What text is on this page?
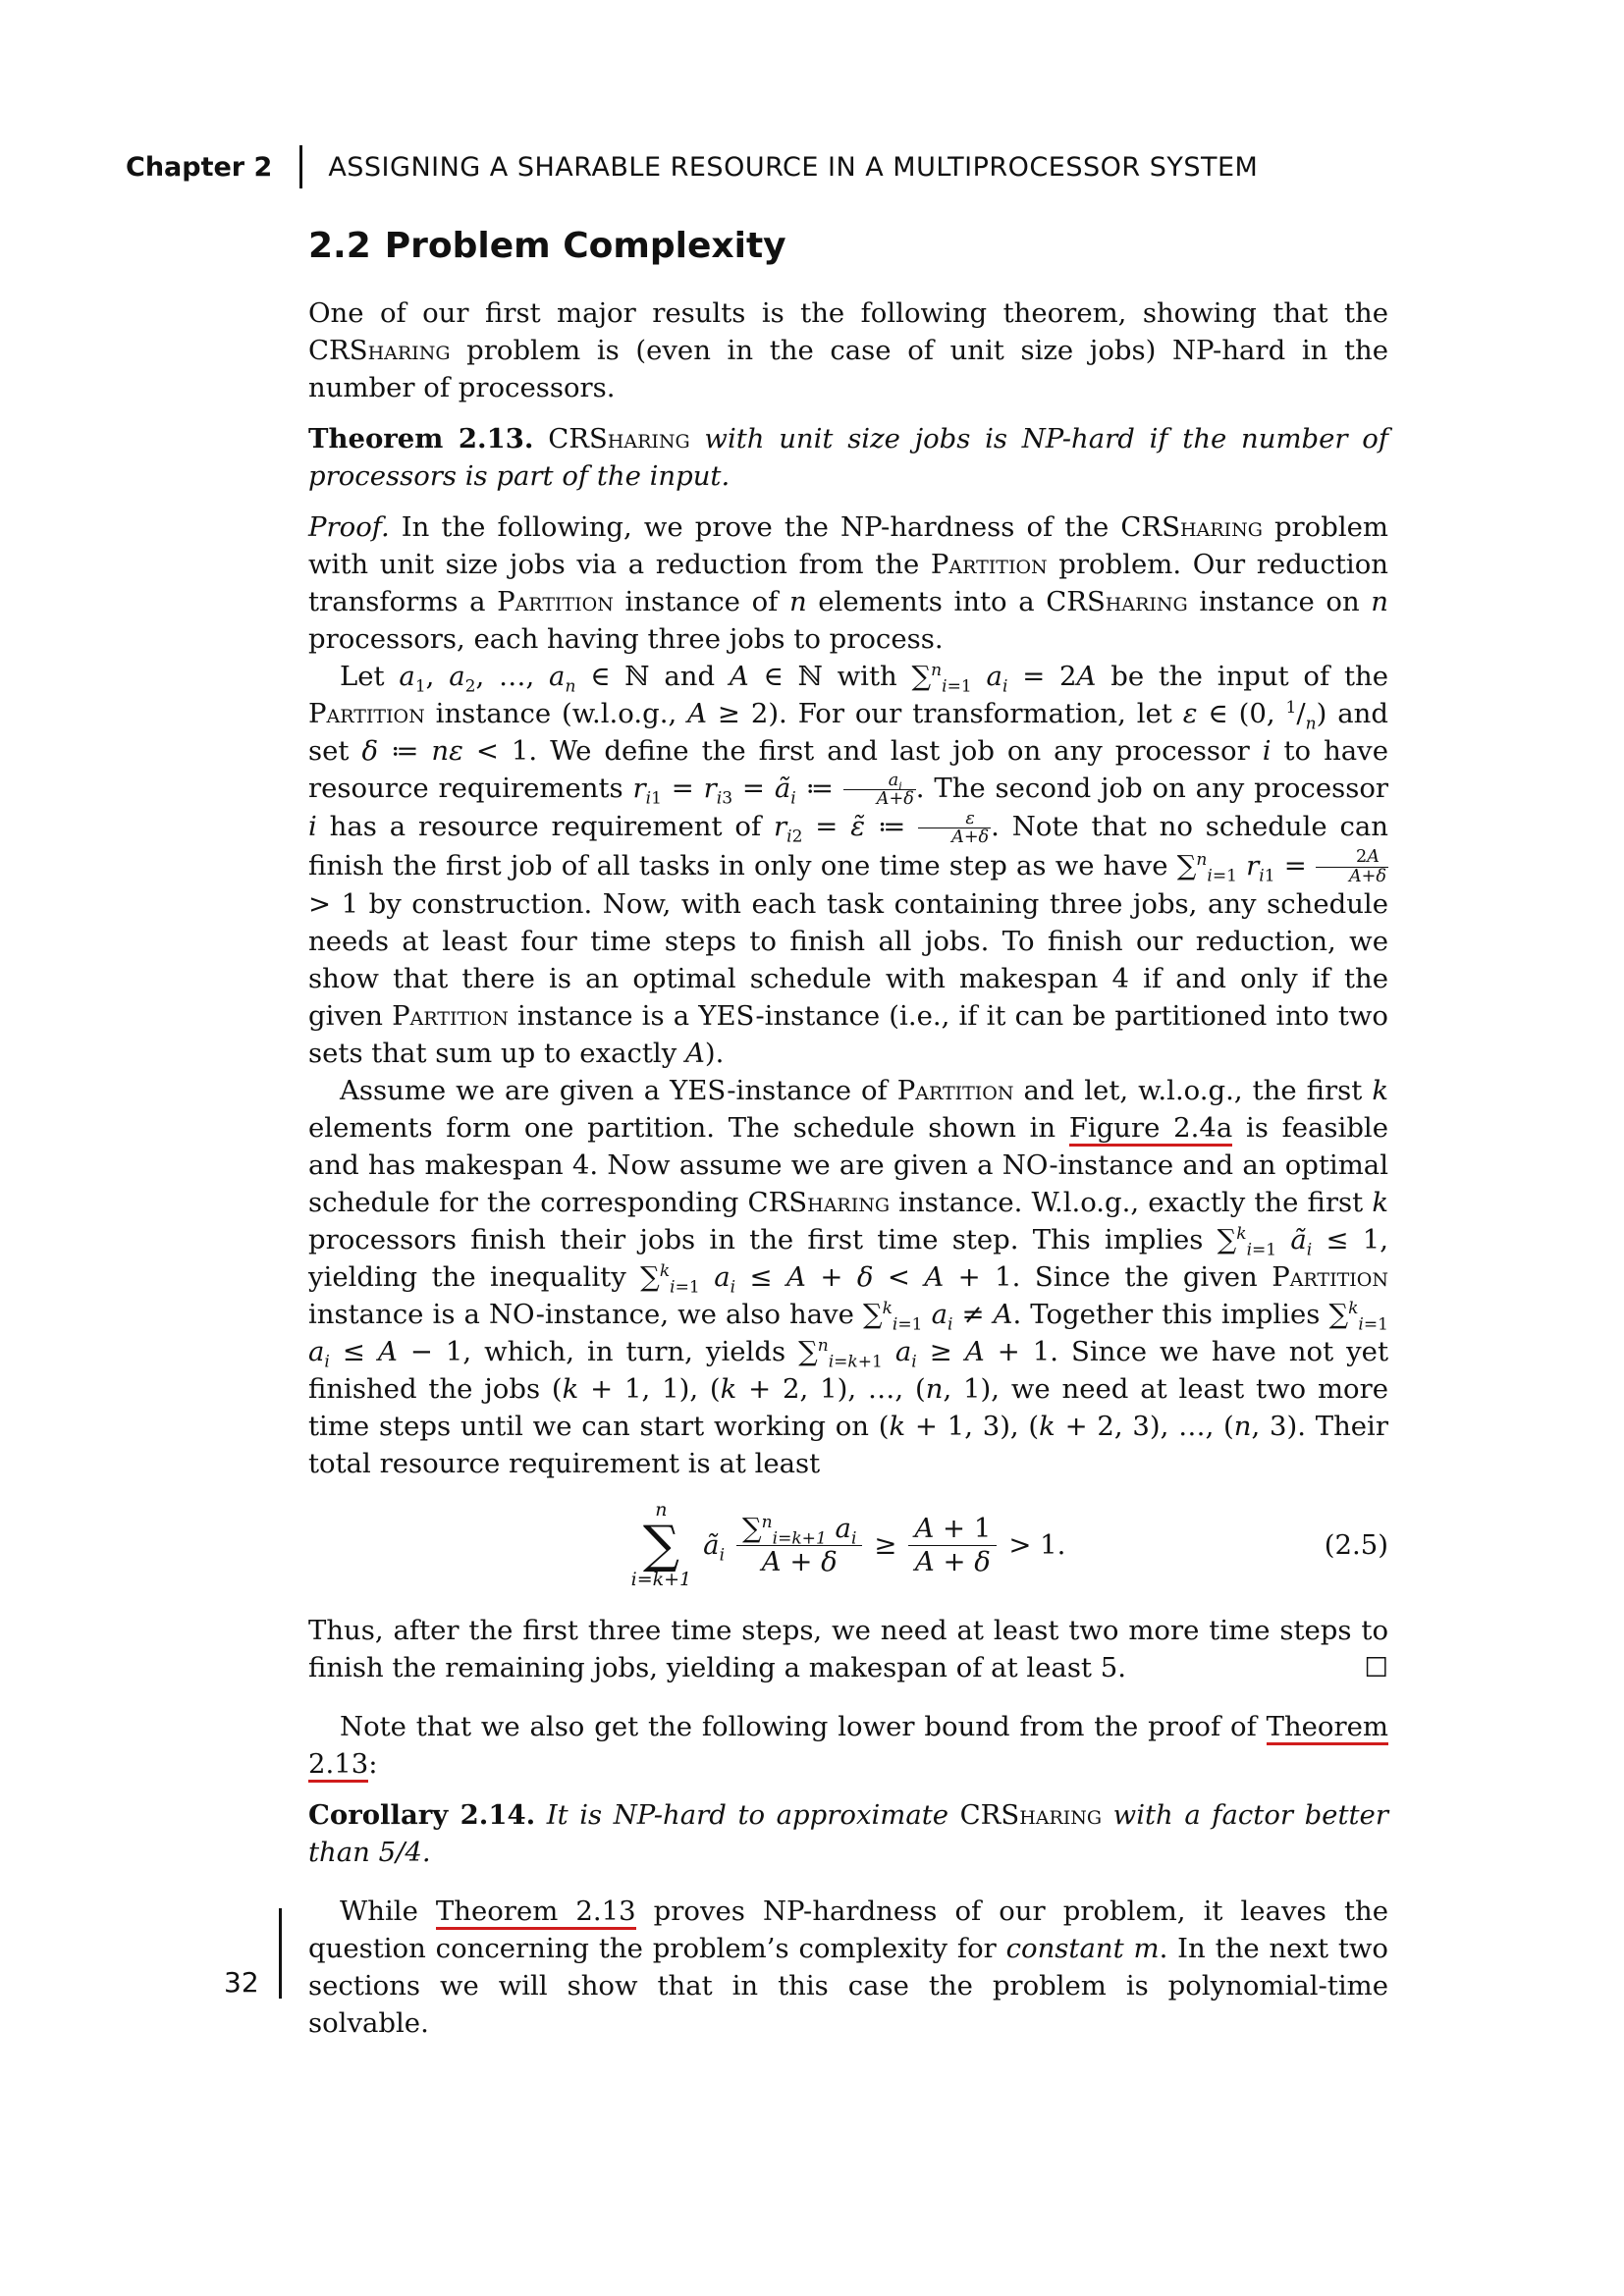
Chapter 2 ASSIGNING A SHARABLE RESOURCE IN A MULTIPROCESSOR SYSTEM
2.2 Problem Complexity

One of our first major results is the following theorem, showing that the CRSharing problem is (even in the case of unit size jobs) NP-hard in the number of processors.

Theorem 2.13. CRSharing with unit size jobs is NP-hard if the number of processors is part of the input.

Proof. In the following, we prove the NP-hardness of the CRSharing problem with unit size jobs via a reduction from the Partition problem. Our reduction transforms a Partition instance of n elements into a CRSharing instance on n processors, each having three jobs to process.

Let $a_1$, $a_2$, …, $a_n$ ∈ ℕ and A ∈ ℕ with ∑$^n_{i=1}$ $a_i = 2A$ be the input of the Partition instance (w.l.o.g., A ≥ 2). For our transformation, let ε ∈ (0, $^1/_n$) and set δ ≔ nε < 1. We define the first and last job on any processor i to have resource requirements $r_{i1} = r_{i3}$ = $ã_i$ ≔ $\frac{a_i}{A+\delta}$ . The second job on any processor i has a resource requirement of $r_{i2}$ = ε̃ ≔ $\frac{\varepsilon}{A+\delta}$ . Note that no schedule can finish the first job of all tasks in only one time step as we have ∑$^n_{i=1}$ $r_{i1} = \frac{2A}{A+\delta}$
> 1 by construction. Now, with each task containing three jobs, any schedule needs at least four time steps to finish all jobs. To finish our reduction, we show that there is an optimal schedule with makespan 4 if and only if the given Partition instance is a YES-instance (i.e., if it can be partitioned into two sets that sum up to exactly A).

Assume we are given a YES-instance of Partition and let, w.l.o.g., the first k elements form one partition. The schedule shown in Figure 2.4a is feasible and has makespan 4. Now assume we are given a NO-instance and an optimal schedule for the corresponding CRSharing instance. W.l.o.g., exactly the first k processors finish their jobs in the first time step. This implies ∑$^k_{i=1}$ $ã_i \le 1$, yielding the inequality ∑$^k_{i=1}$ $a_i \le A + \delta < A + 1$. Since the given Partition instance is a NO-instance, we also have ∑$^k_{i=1}$ $a_i \ne A$. Together this implies ∑$^k_{i=1}$ $a_i \le A - 1$, which, in turn, yields ∑$^n_{i=k+1}$ $a_i \ge A + 1$. Since we have not yet finished the jobs (k + 1, 1), (k + 2, 1), …, (n, 1), we need at least two more time steps until we can start working on (k + 1, 3), (k + 2, 3), …, (n, 3). Their total resource requirement is at least

n
∑
i=k+1
$ã_i \frac{\sum^n_{i=k+1} a_i}{A + \delta} \ge \frac{A + 1}{A + \delta} > 1$.	(2.5)

Thus, after the first three time steps, we need at least two more time steps to finish the remaining jobs, yielding a makespan of at least 5.	☐

Note that we also get the following lower bound from the proof of Theorem 2.13:

Corollary 2.14. It is NP-hard to approximate CRSharing with a factor better than 5/4.

While Theorem 2.13 proves NP-hardness of our problem, it leaves the question concerning the problem’s complexity for constant m. In the next two sections we will show that in this case the problem is polynomial-time solvable.

32
